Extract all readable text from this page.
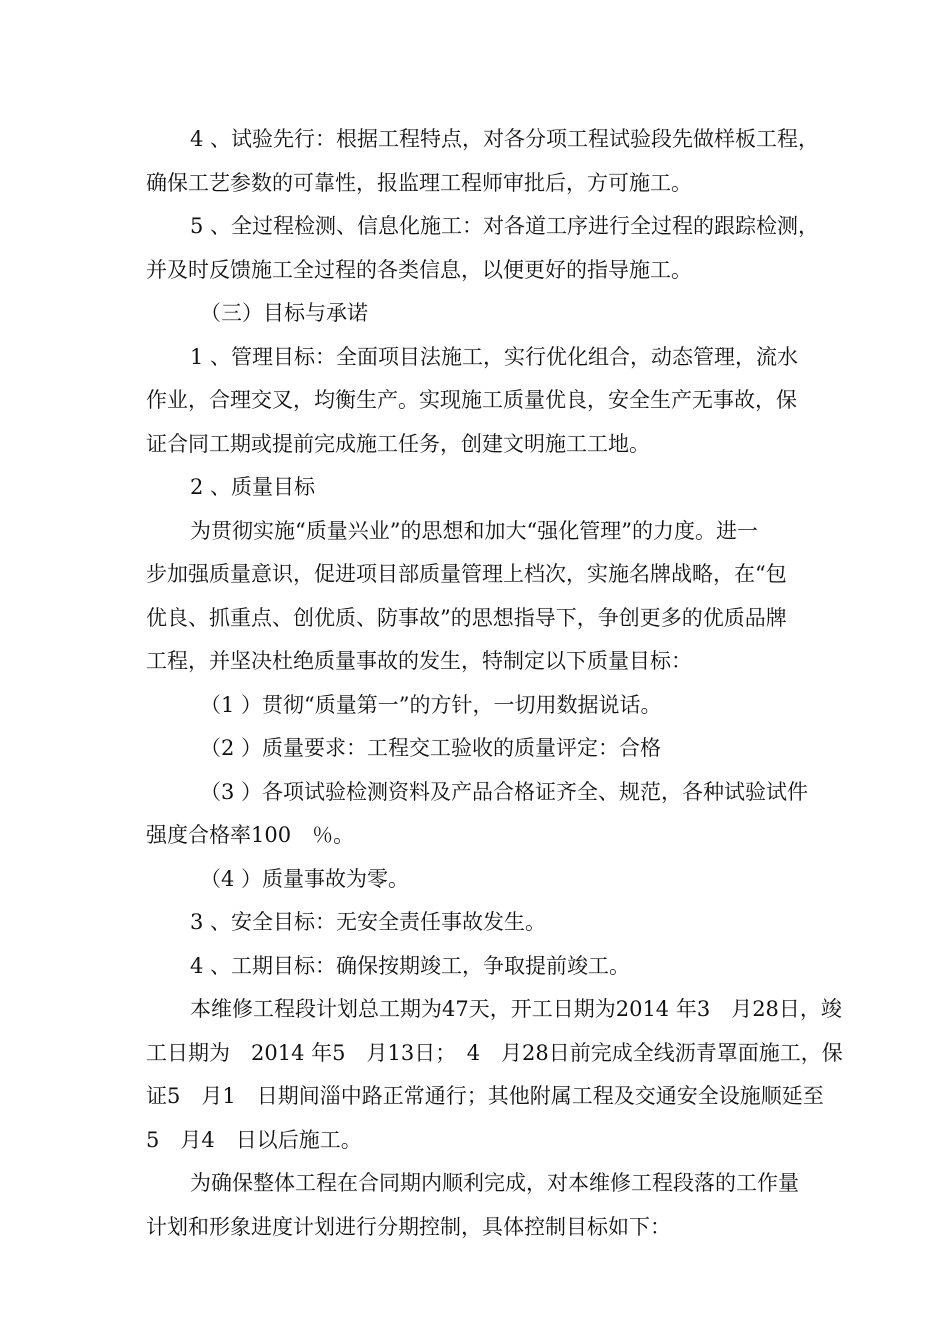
4 、试验先行：根据工程特点，对各分项工程试验段先做样板工程，
确保工艺参数的可靠性，报监理工程师审批后，方可施工。
5 、全过程检测、信息化施工：对各道工序进行全过程的跟踪检测，
并及时反馈施工全过程的各类信息，以便更好的指导施工。
（三）目标与承诺
1 、管理目标：全面项目法施工，实行优化组合，动态管理，流水
作业，合理交叉，均衡生产。实现施工质量优良，安全生产无事故，保
证合同工期或提前完成施工任务，创建文明施工工地。
2 、质量目标
为贯彻实施“质量兴业”的思想和加大“强化管理”的力度。进一
步加强质量意识，促进项目部质量管理上档次，实施名牌战略，在“包
优良、抓重点、创优质、防事故”的思想指导下，争创更多的优质品牌
工程，并坚决杜绝质量事故的发生，特制定以下质量目标：
（1 ）贯彻“质量第一”的方针，一切用数据说话。
（2 ）质量要求：工程交工验收的质量评定：合格
（3 ）各项试验检测资料及产品合格证齐全、规范，各种试验试件
强度合格率100　％。
（4 ）质量事故为零。
3 、安全目标：无安全责任事故发生。
4 、工期目标：确保按期竣工，争取提前竣工。
本维修工程段计划总工期为47天，开工日期为2014 年3　月28日，竣
工日期为　2014 年5　月13日；　4　月28日前完成全线沥青罩面施工，保
证5　月1　日期间淄中路正常通行；其他附属工程及交通安全设施顺延至
5　月4　日以后施工。
为确保整体工程在合同期内顺利完成，对本维修工程段落的工作量
计划和形象进度计划进行分期控制，具体控制目标如下：
